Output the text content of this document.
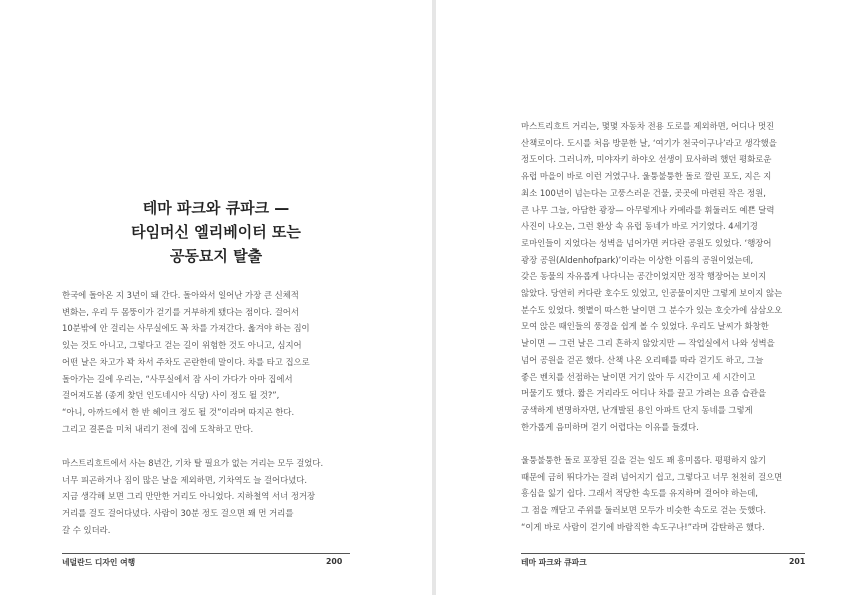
테마 파크와 큐파크 —
타임머신 엘리베이터 또는
공동묘지 탈출
한국에 돌아온 지 3년이 돼 간다. 돌아와서 일어난 가장 큰 신체적
변화는, 우리 두 몸뚱이가 걷기를 거부하게 됐다는 점이다. 걸어서
10분밖에 안 걸리는 사무실에도 꼭 차를 가져간다. 옮겨야 하는 짐이
있는 것도 아니고, 그렇다고 걷는 길이 위험한 것도 아니고, 심지어
어떤 날은 차고가 꽉 차서 주차도 곤란한데 말이다. 차를 타고 집으로
돌아가는 길에 우리는, “사무실에서 잠 사이 가다가 아마 집에서
걸어져도봄 (종게 찾던 인도네시아 식당) 사이 정도 될 것?”,
“아니, 아까드에서 한 반 헤이크 정도 될 것”이라며 따지곤 한다.
그리고 결론을 미처 내리기 전에 집에 도착하고 만다.
마스트리흐트에서 사는 8년간, 기차 탈 필요가 없는 거리는 모두 걸었다.
너무 피곤하거나 짐이 많은 날을 제외하면, 기차역도 늘 걸어다녔다.
지금 생각해 보면 그리 만만한 거리도 아니었다. 지하철역 서너 정거장
거리를 걸도 걸어다녔다. 사람이 30분 정도 걸으면 꽤 먼 거리를
갈 수 있더라.
네덜란드 디자인 여행	200
마스트리흐트 거리는, 몇몇 자동차 전용 도로를 제외하면, 어디나 멋진
산책로이다. 도시를 처음 방문한 날, ‘여기가 천국이구나’라고 생각했을
정도이다. 그러니까, 미야자키 하야오 선생이 묘사하려 했던 평화로운
유럽 마을이 바로 이런 거였구나. 울퉁불퉁한 돌로 깔린 포도, 지은 지
최소 100년이 넘는다는 고풍스러운 건물, 곳곳에 마련된 작은 정원,
큰 나무 그늘, 아담한 광장— 아무렇게나 카메라를 휘둘러도 예쁜 달력
사진이 나오는, 그런 환상 속 유럽 동네가 바로 거기였다. 4세기경
로마인들이 지었다는 성벽을 넘어가면 커다란 공원도 있었다. ‘행장어
광장 공원(Aldenhofpark)’이라는 이상한 이름의 공원이었는데,
갖은 동물의 자유롭게 나다니는 공간이었지만 정작 행장어는 보이지
않았다. 당연히 커다란 호수도 있었고, 인공물이지만 그렇게 보이지 않는
분수도 있었다. 햇볕이 따스한 날이면 그 분수가 있는 호숫가에 삼삼오오
모여 앉은 때인들의 풍경을 쉽게 볼 수 있었다. 우리도 날씨가 화창한
날이면 — 그런 날은 그리 흔하지 않았지만 — 작업실에서 나와 성벽을
넘어 공원을 걷곤 했다. 산책 나온 오리떼를 따라 걷기도 하고, 그늘
좋은 벤치를 선점하는 날이면 거기 앉아 두 시간이고 세 시간이고
머물기도 했다. 짧은 거리라도 어디나 차를 끌고 가려는 요즘 습관을
궁색하게 변명하자면, 난개발된 용인 아파트 단지 동네를 그렇게
한가롭게 음미하며 걷기 어렵다는 이유를 들겠다.
울퉁불퉁한 돌로 포장된 길을 걷는 일도 꽤 흥미롭다. 평평하지 않기
때문에 금히 뛰다가는 걸려 넘어지기 쉽고, 그렇다고 너무 천천히 걸으면
흥심을 잃기 쉽다. 그래서 적당한 속도를 유지하며 걸어야 하는데,
그 점을 깨닫고 주위를 둘러보면 모두가 비슷한 속도로 걷는 듯했다.
“이게 바로 사람이 걷기에 바람직한 속도구나!”라며 감탄하곤 했다.
테마 파크와 큐파크	201
